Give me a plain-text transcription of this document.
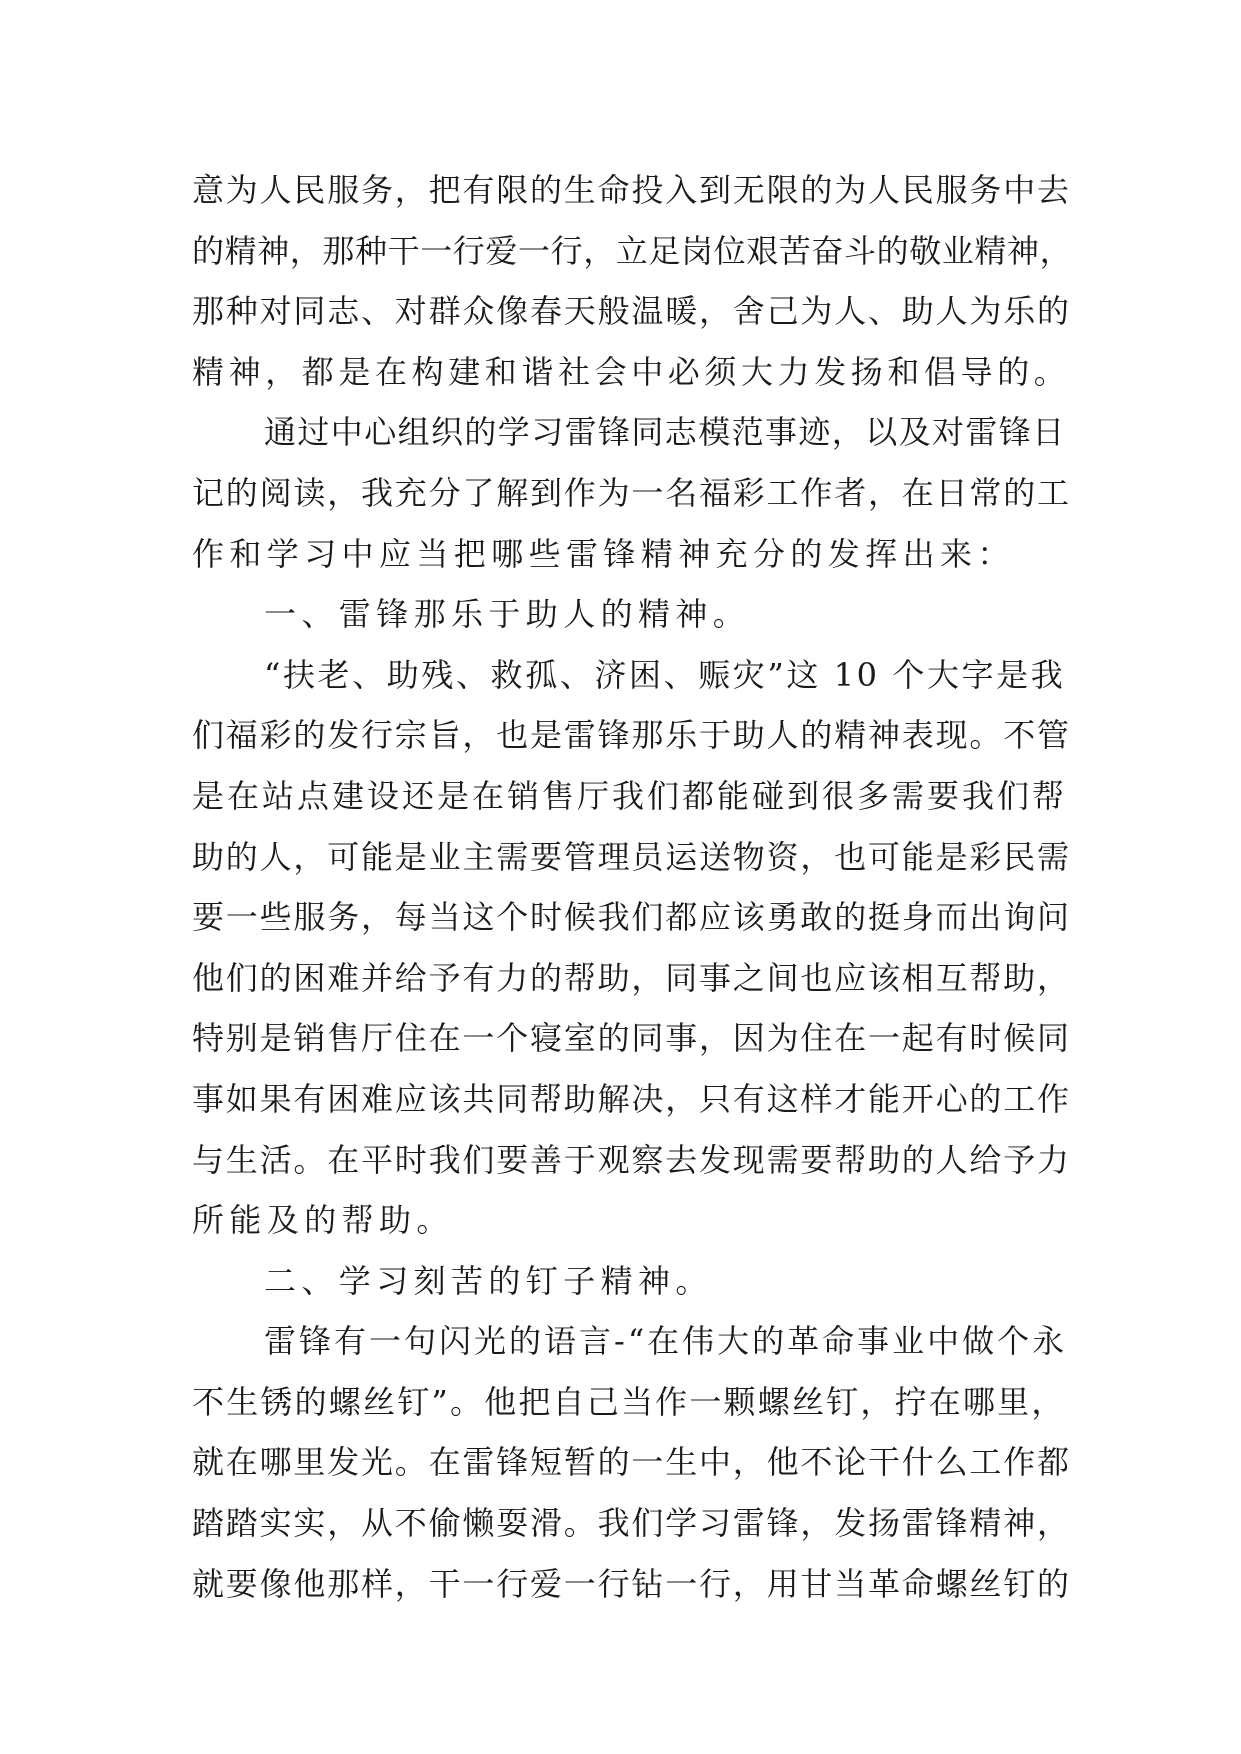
意为人民服务，把有限的生命投入到无限的为人民服务中去
的精神，那种干一行爱一行，立足岗位艰苦奋斗的敬业精神，
那种对同志、对群众像春天般温暖，舍己为人、助人为乐的
精神，都是在构建和谐社会中必须大力发扬和倡导的。
通过中心组织的学习雷锋同志模范事迹，以及对雷锋日
记的阅读，我充分了解到作为一名福彩工作者，在日常的工
作和学习中应当把哪些雷锋精神充分的发挥出来：
一、雷锋那乐于助人的精神。
“扶老、助残、救孤、济困、赈灾”这 10 个大字是我
们福彩的发行宗旨，也是雷锋那乐于助人的精神表现。不管
是在站点建设还是在销售厅我们都能碰到很多需要我们帮
助的人，可能是业主需要管理员运送物资，也可能是彩民需
要一些服务，每当这个时候我们都应该勇敢的挺身而出询问
他们的困难并给予有力的帮助，同事之间也应该相互帮助，
特别是销售厅住在一个寝室的同事，因为住在一起有时候同
事如果有困难应该共同帮助解决，只有这样才能开心的工作
与生活。在平时我们要善于观察去发现需要帮助的人给予力
所能及的帮助。
二、学习刻苦的钉子精神。
雷锋有一句闪光的语言-“在伟大的革命事业中做个永
不生锈的螺丝钉”。他把自己当作一颗螺丝钉，拧在哪里，
就在哪里发光。在雷锋短暂的一生中，他不论干什么工作都
踏踏实实，从不偷懒耍滑。我们学习雷锋，发扬雷锋精神，
就要像他那样，干一行爱一行钻一行，用甘当革命螺丝钉的
